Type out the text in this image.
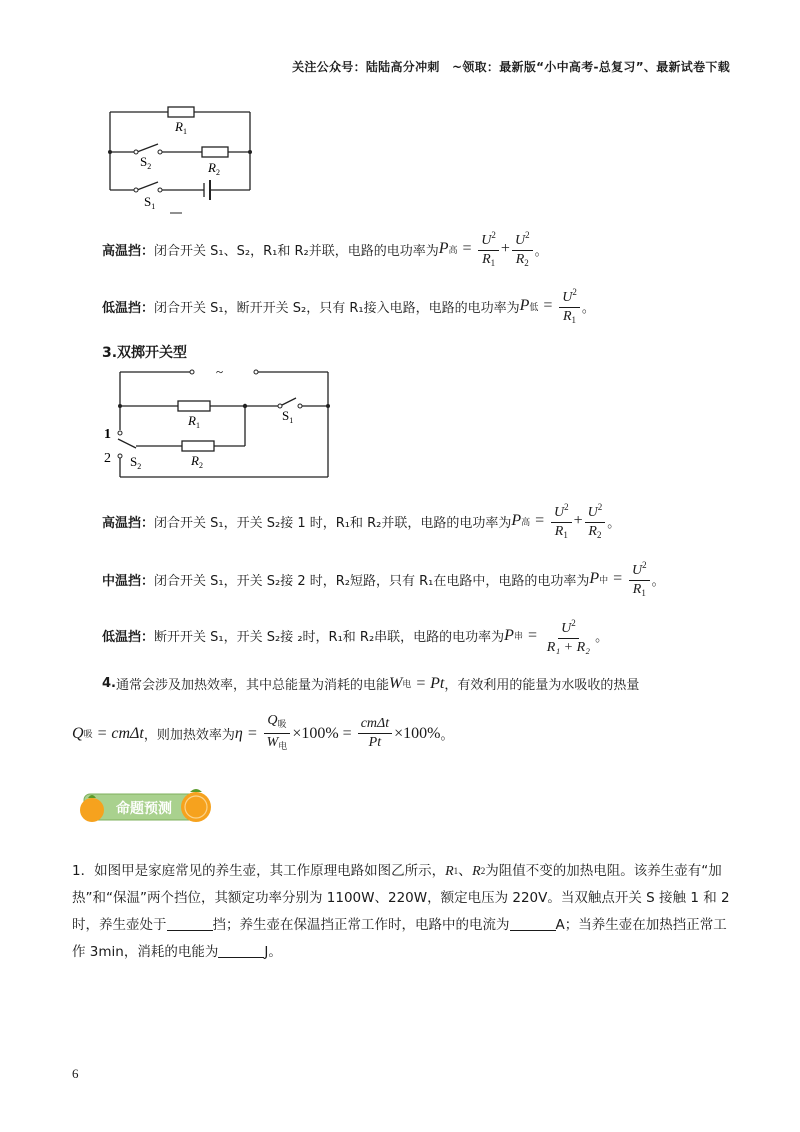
关注公众号：陆陆高分冲刺　~领取：最新版“小中高考-总复习”、最新试卷下载
$R_1$
$R_2$
$S_2$
$S_1$
高温挡： 闭合开关 S₁、S₂，R₁和 R₂并联，电路的电功率为 P 高 = $\frac{U^2}{R_1} + \frac{U^2}{R_2}$ 。
低温挡： 闭合开关 S₁，断开开关 S₂，只有 R₁接入电路，电路的电功率为 P 低 = $\frac{U^2}{R_1}$ 。
3.双掷开关型
~
$R_1$
$R_2$
$S_1$
$S_2$
1
2
高温挡： 闭合开关 S₁，开关 S₂接 1 时，R₁和 R₂并联，电路的电功率为 P 高 = $\frac{U^2}{R_1} + \frac{U^2}{R_2}$ 。
中温挡： 闭合开关 S₁，开关 S₂接 2 时，R₂短路，只有 R₁在电路中，电路的电功率为 P 中 = $\frac{U^2}{R_1}$ 。
低温挡： 断开开关 S₁，开关 S₂接 ₂时，R₁和 R₂串联，电路的电功率为 P 串 = $\frac{U^2}{\text{R₁ + R₂}}$ 。
4. 通常会涉及加热效率，其中总能量为消耗的电能 W 电
= Pt ，有效利用的能量为水吸收的热量
Q 吸
= cmΔt ，则加热效率为 η =
$\frac{Q_吸}{W_电} \times 100\%$ =
$\frac{\text{cmΔt}}{Pt} \times 100\%$ 。
命题预测
1．如图甲是家庭常见的养生壶，其工作原理电路如图乙所示， R 1 、 R 2 为阻值不变的加热电阻。该养生壶有“加热”和“保温”两个挡位，其额定功率分别为 1100W、220W，额定电压为 220V。当双触点开关 S 接触 1 和 2 时，养生壶处于	挡；养生壶在保温挡正常工作时，电路中的电流为	A；当养生壶在加热挡正常工作 3min，消耗的电能为	J。
6
